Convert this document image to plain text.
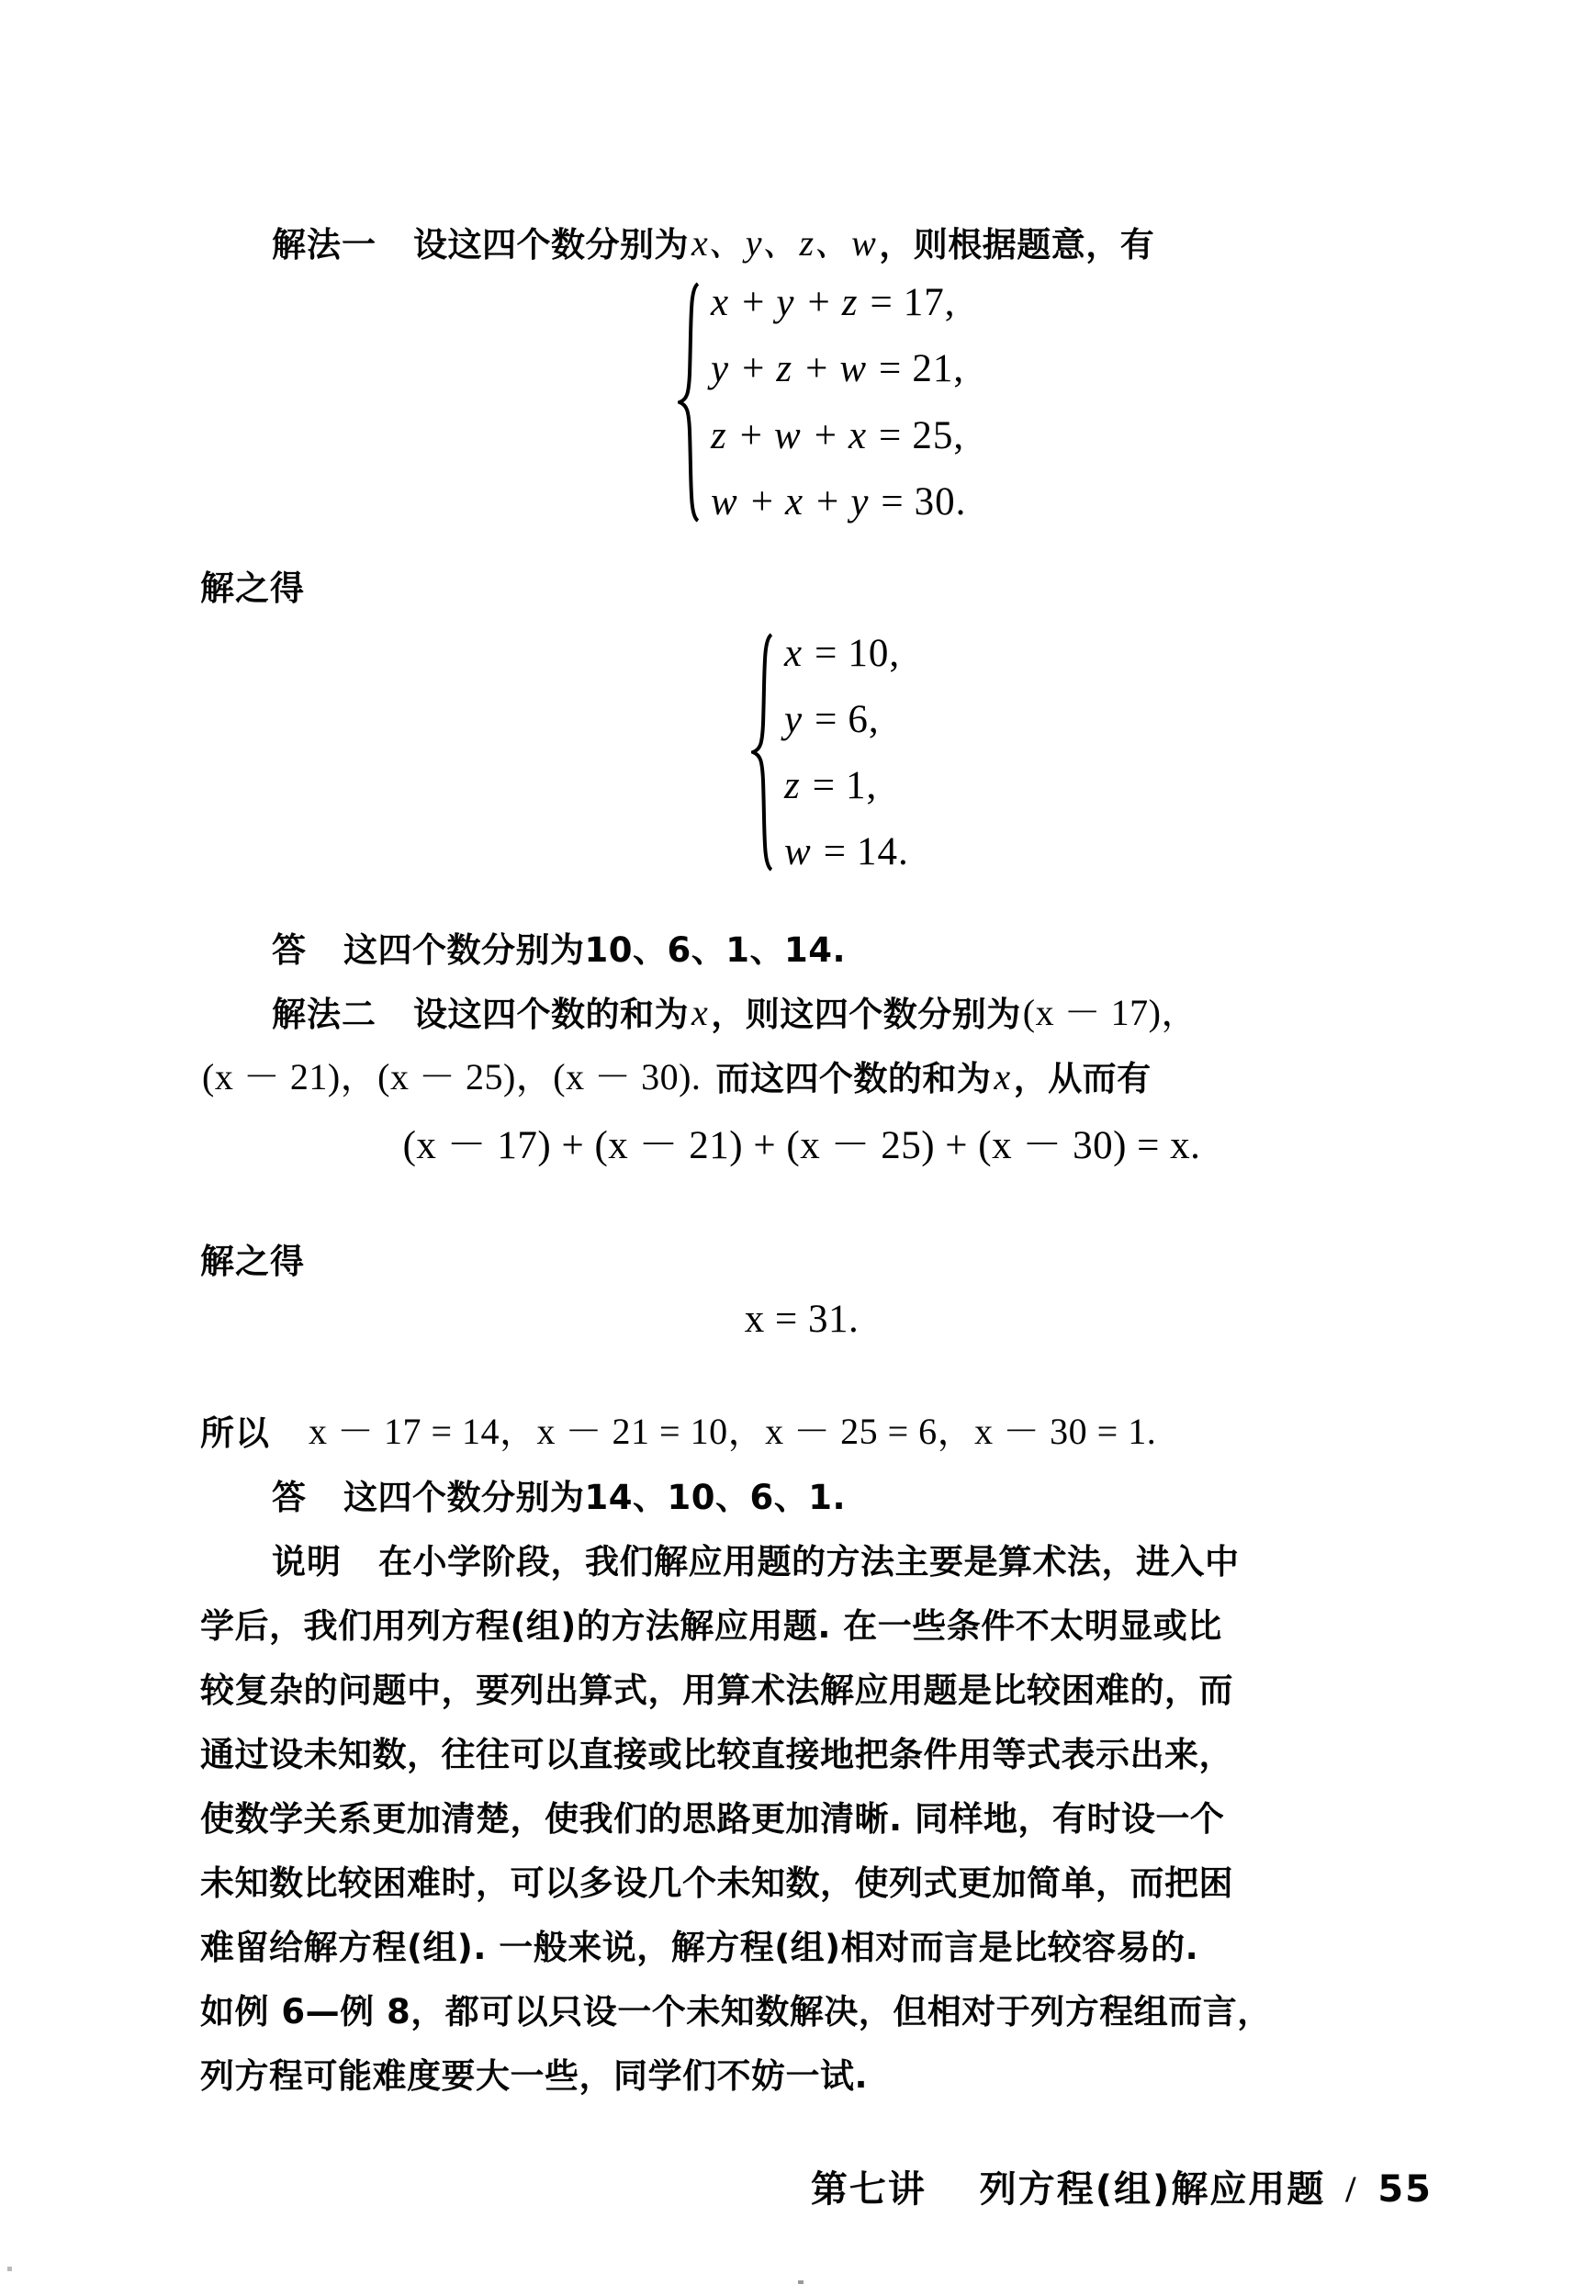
解法一 设这四个数分别为 x、y、z、w ，则根据题意，有
x + y + z = 17 ,
y + z + w = 21 ,
z + w + x = 25 ,
w + x + y = 30 .
解之得
x = 10 ,
y = 6 ,
z = 1 ,
w = 14 .
答 这四个数分别为10、6、1、14.
解法二 设这四个数的和为 x ，则这四个数分别为 (x － 17)，
(x － 21)，(x － 25)，(x － 30). 而这四个数的和为 x ，从而有
(x － 17) + (x － 21) + (x － 25) + (x － 30) = x.
解之得
x = 31.
所以 x － 17 = 14，x － 21 = 10，x － 25 = 6，x － 30 = 1.
答 这四个数分别为14、10、6、1.
说明 在小学阶段，我们解应用题的方法主要是算术法，进入中
学后，我们用列方程(组)的方法解应用题. 在一些条件不太明显或比
较复杂的问题中，要列出算式，用算术法解应用题是比较困难的，而
通过设未知数，往往可以直接或比较直接地把条件用等式表示出来，
使数学关系更加清楚，使我们的思路更加清晰. 同样地，有时设一个
未知数比较困难时，可以多设几个未知数，使列式更加简单，而把困
难留给解方程(组). 一般来说，解方程(组)相对而言是比较容易的.
如例 6—例 8，都可以只设一个未知数解决，但相对于列方程组而言，
列方程可能难度要大一些，同学们不妨一试.
第七讲 列方程(组)解应用题 / 55
